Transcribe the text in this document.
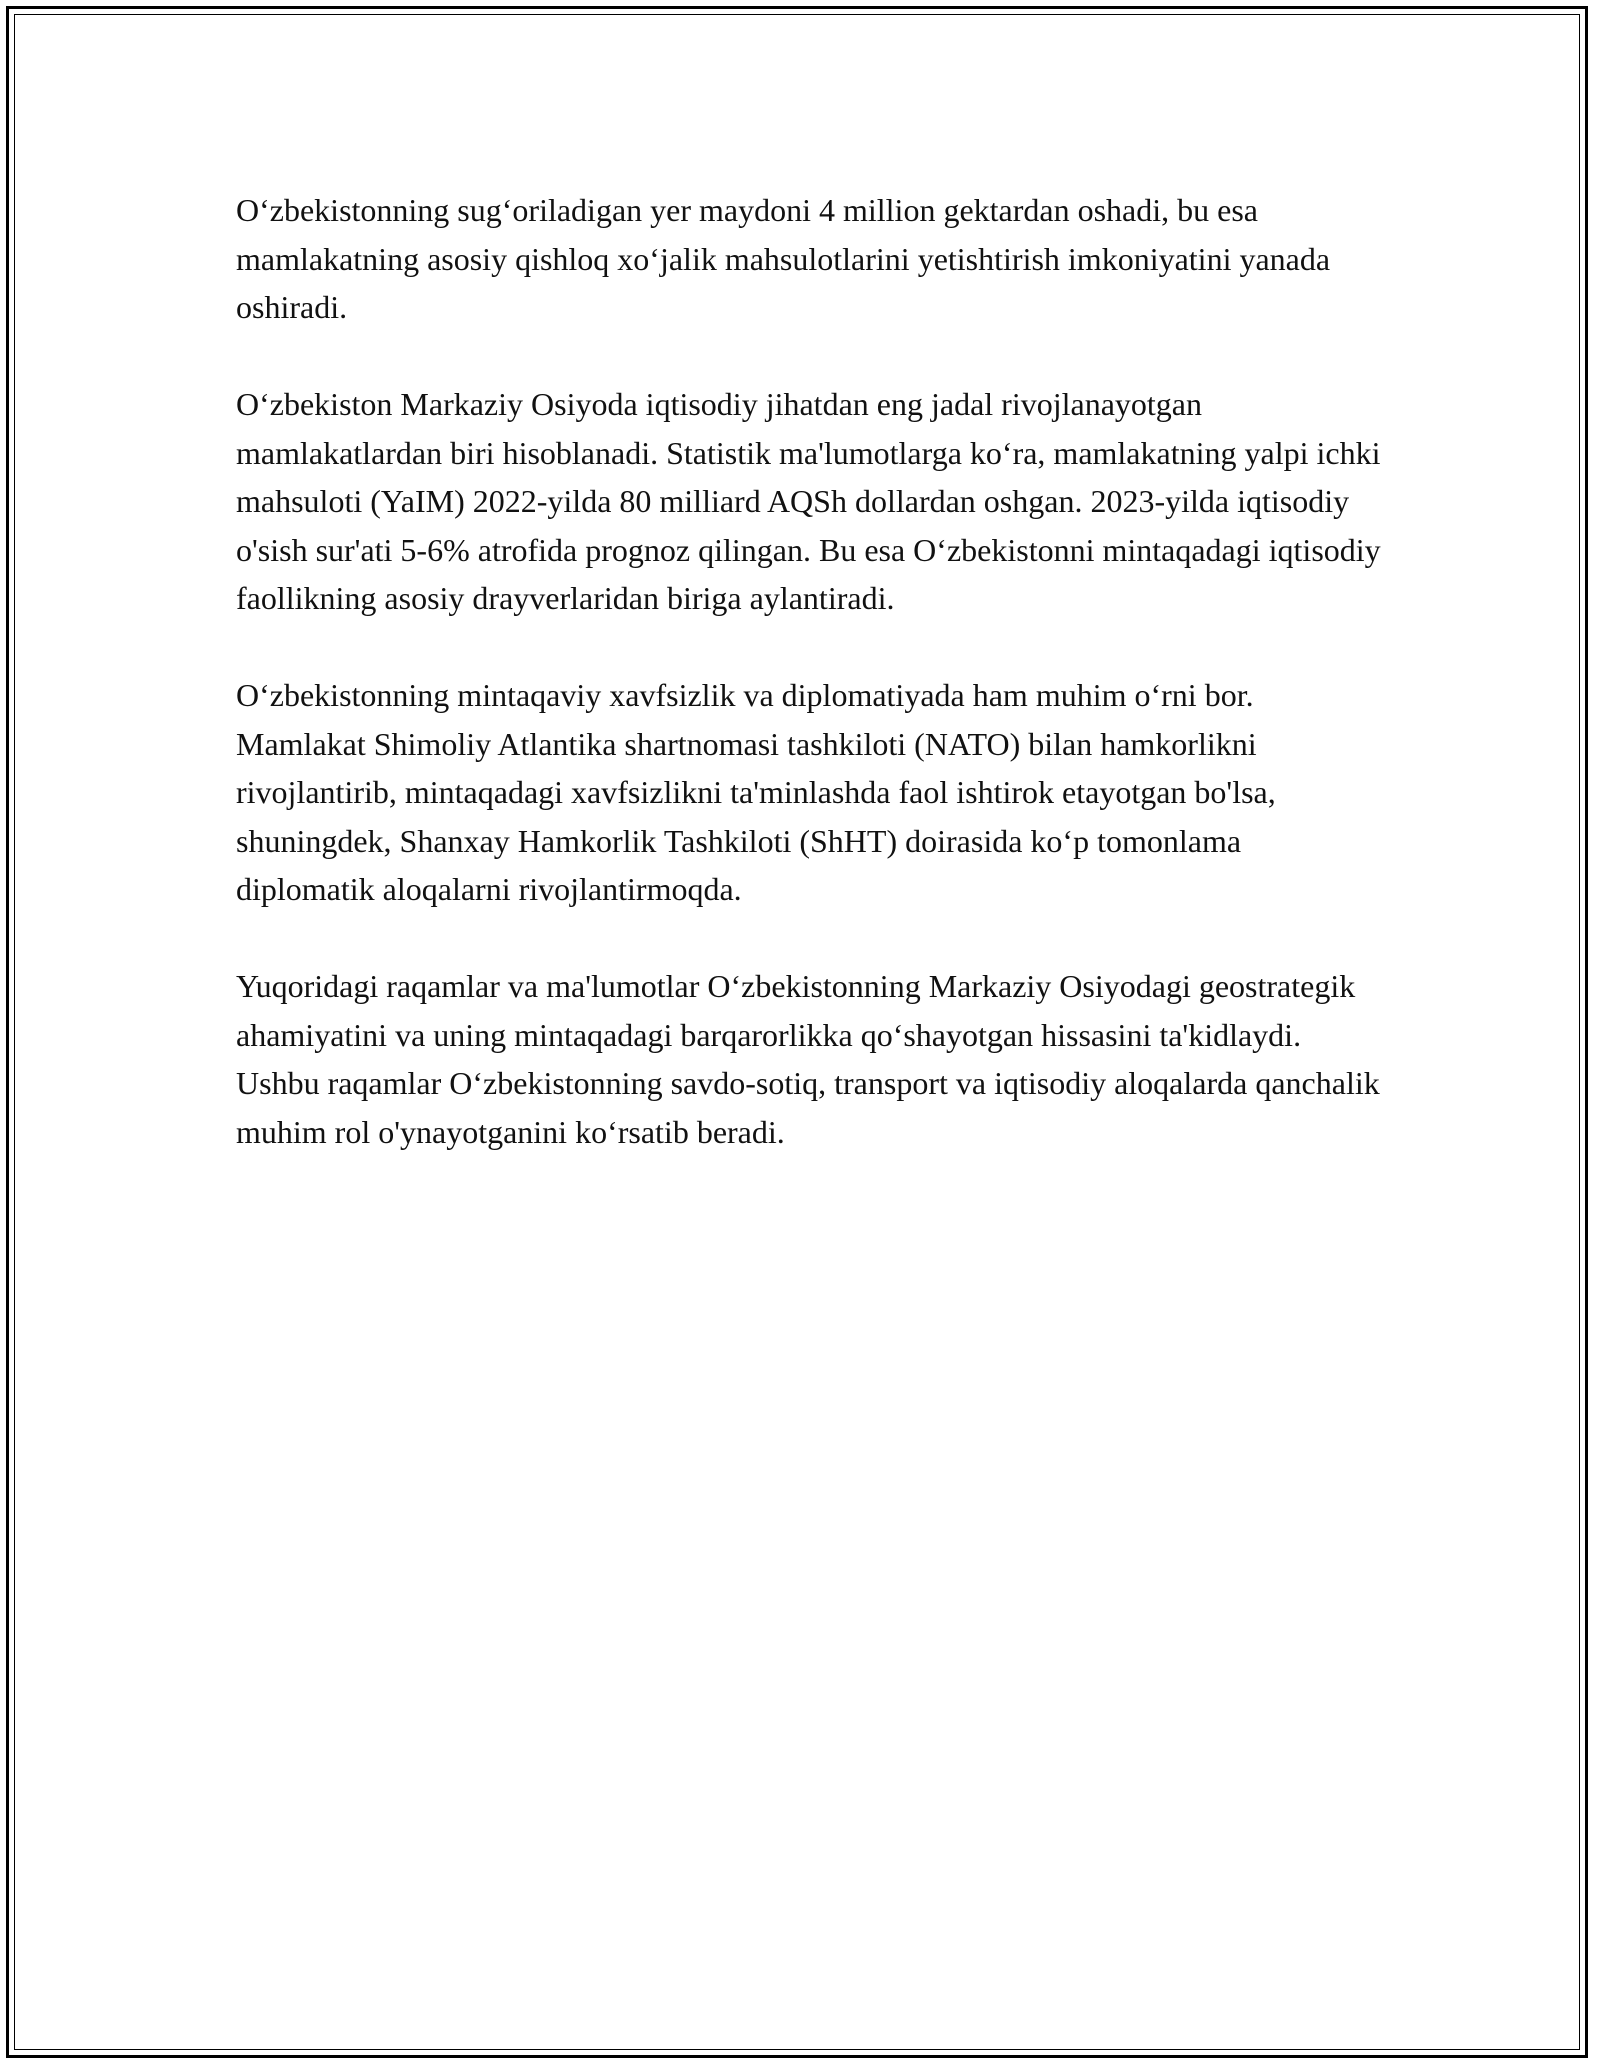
O‘zbekistonning sug‘oriladigan yer maydoni 4 million gektardan oshadi, bu esa mamlakatning asosiy qishloq xo‘jalik mahsulotlarini yetishtirish imkoniyatini yanada oshiradi.

O‘zbekiston Markaziy Osiyoda iqtisodiy jihatdan eng jadal rivojlanayotgan mamlakatlardan biri hisoblanadi. Statistik ma'lumotlarga ko‘ra, mamlakatning yalpi ichki mahsuloti (YaIM) 2022-yilda 80 milliard AQSh dollardan oshgan. 2023-yilda iqtisodiy o'sish sur'ati 5-6% atrofida prognoz qilingan. Bu esa O‘zbekistonni mintaqadagi iqtisodiy faollikning asosiy drayverlaridan biriga aylantiradi.

O‘zbekistonning mintaqaviy xavfsizlik va diplomatiyada ham muhim o‘rni bor. Mamlakat Shimoliy Atlantika shartnomasi tashkiloti (NATO) bilan hamkorlikni rivojlantirib, mintaqadagi xavfsizlikni ta'minlashda faol ishtirok etayotgan bo'lsa, shuningdek, Shanxay Hamkorlik Tashkiloti (ShHT) doirasida ko‘p tomonlama diplomatik aloqalarni rivojlantirmoqda.

Yuqoridagi raqamlar va ma'lumotlar O‘zbekistonning Markaziy Osiyodagi geostrategik ahamiyatini va uning mintaqadagi barqarorlikka qo‘shayotgan hissasini ta'kidlaydi. Ushbu raqamlar O‘zbekistonning savdo-sotiq, transport va iqtisodiy aloqalarda qanchalik muhim rol o'ynayotganini ko‘rsatib beradi.
